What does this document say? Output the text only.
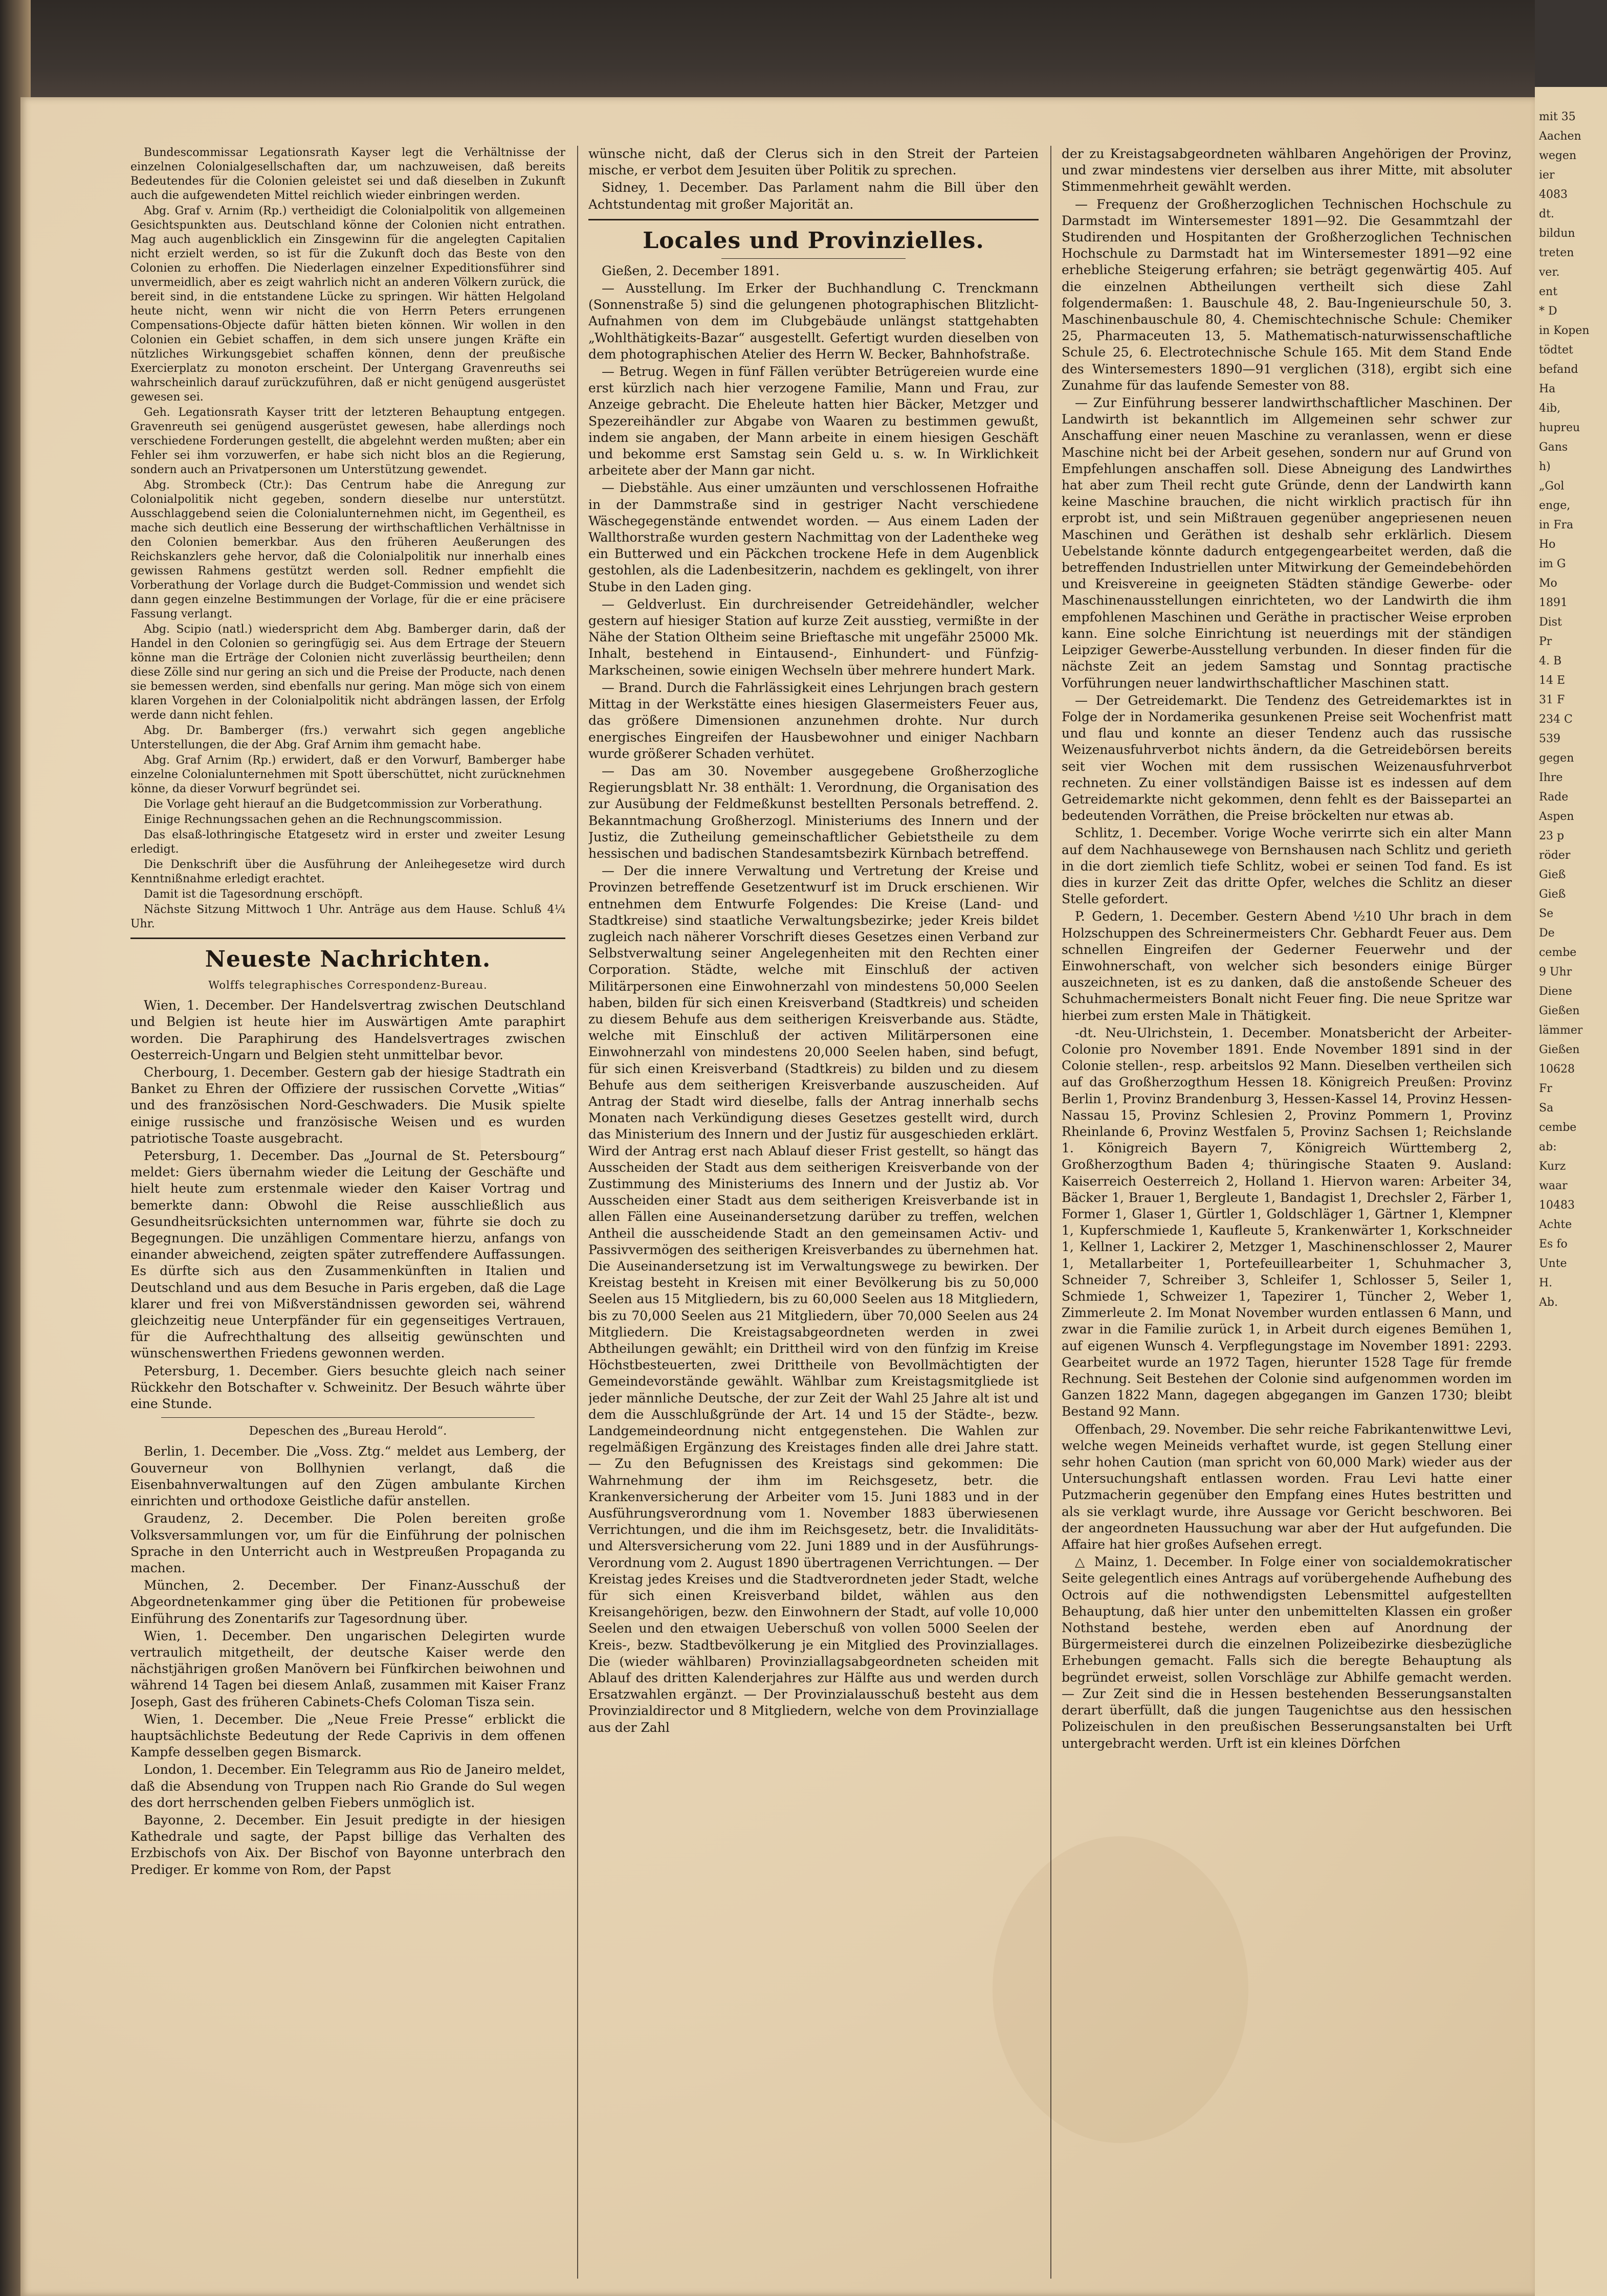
Bundescommissar Legationsrath Kayser legt die Verhältnisse der einzelnen Colonialgesellschaften dar, um nachzuweisen, daß bereits Bedeutendes für die Colonien geleistet sei und daß dieselben in Zukunft auch die aufgewendeten Mittel reichlich wieder einbringen werden.

Abg. Graf v. Arnim (Rp.) vertheidigt die Colonialpolitik von allgemeinen Gesichtspunkten aus. Deutschland könne der Colonien nicht entrathen. Mag auch augenblicklich ein Zinsgewinn für die angelegten Capitalien nicht erzielt werden, so ist für die Zukunft doch das Beste von den Colonien zu erhoffen. Die Niederlagen einzelner Expeditionsführer sind unvermeidlich, aber es zeigt wahrlich nicht an anderen Völkern zurück, die bereit sind, in die entstandene Lücke zu springen. Wir hätten Helgoland heute nicht, wenn wir nicht die von Herrn Peters errungenen Compensations-Objecte dafür hätten bieten können. Wir wollen in den Colonien ein Gebiet schaffen, in dem sich unsere jungen Kräfte ein nützliches Wirkungsgebiet schaffen können, denn der preußische Exercierplatz zu monoton erscheint. Der Untergang Gravenreuths sei wahrscheinlich darauf zurückzuführen, daß er nicht genügend ausgerüstet gewesen sei.

Geh. Legationsrath Kayser tritt der letzteren Behauptung entgegen. Gravenreuth sei genügend ausgerüstet gewesen, habe allerdings noch verschiedene Forderungen gestellt, die abgelehnt werden mußten; aber ein Fehler sei ihm vorzuwerfen, er habe sich nicht blos an die Regierung, sondern auch an Privatpersonen um Unterstützung gewendet.

Abg. Strombeck (Ctr.): Das Centrum habe die Anregung zur Colonialpolitik nicht gegeben, sondern dieselbe nur unterstützt. Ausschlaggebend seien die Colonialunternehmen nicht, im Gegentheil, es mache sich deutlich eine Besserung der wirthschaftlichen Verhältnisse in den Colonien bemerkbar. Aus den früheren Aeußerungen des Reichskanzlers gehe hervor, daß die Colonialpolitik nur innerhalb eines gewissen Rahmens gestützt werden soll. Redner empfiehlt die Vorberathung der Vorlage durch die Budget-Commission und wendet sich dann gegen einzelne Bestimmungen der Vorlage, für die er eine präcisere Fassung verlangt.

Abg. Scipio (natl.) wiederspricht dem Abg. Bamberger darin, daß der Handel in den Colonien so geringfügig sei. Aus dem Ertrage der Steuern könne man die Erträge der Colonien nicht zuverlässig beurtheilen; denn diese Zölle sind nur gering an sich und die Preise der Producte, nach denen sie bemessen werden, sind ebenfalls nur gering. Man möge sich von einem klaren Vorgehen in der Colonialpolitik nicht abdrängen lassen, der Erfolg werde dann nicht fehlen.

Abg. Dr. Bamberger (frs.) verwahrt sich gegen angebliche Unterstellungen, die der Abg. Graf Arnim ihm gemacht habe.

Abg. Graf Arnim (Rp.) erwidert, daß er den Vorwurf, Bamberger habe einzelne Colonialunternehmen mit Spott überschüttet, nicht zurücknehmen könne, da dieser Vorwurf begründet sei.

Die Vorlage geht hierauf an die Budgetcommission zur Vorberathung.

Einige Rechnungssachen gehen an die Rechnungscommission.

Das elsaß-lothringische Etatgesetz wird in erster und zweiter Lesung erledigt.

Die Denkschrift über die Ausführung der Anleihegesetze wird durch Kenntnißnahme erledigt erachtet.

Damit ist die Tagesordnung erschöpft.

Nächste Sitzung Mittwoch 1 Uhr. Anträge aus dem Hause. Schluß 4¼ Uhr.

Neueste Nachrichten.
Wolffs telegraphisches Correspondenz-Bureau.

Wien, 1. December. Der Handelsvertrag zwischen Deutschland und Belgien ist heute hier im Auswärtigen Amte paraphirt worden. Die Paraphirung des Handelsvertrages zwischen Oesterreich-Ungarn und Belgien steht unmittelbar bevor.

Cherbourg, 1. December. Gestern gab der hiesige Stadtrath ein Banket zu Ehren der Offiziere der russischen Corvette „Witias“ und des französischen Nord-Geschwaders. Die Musik spielte einige russische und französische Weisen und es wurden patriotische Toaste ausgebracht.

Petersburg, 1. December. Das „Journal de St. Petersbourg“ meldet: Giers übernahm wieder die Leitung der Geschäfte und hielt heute zum erstenmale wieder den Kaiser Vortrag und bemerkte dann: Obwohl die Reise ausschließlich aus Gesundheitsrücksichten unternommen war, führte sie doch zu Begegnungen. Die unzähligen Commentare hierzu, anfangs von einander abweichend, zeigten später zutreffendere Auffassungen. Es dürfte sich aus den Zusammenkünften in Italien und Deutschland und aus dem Besuche in Paris ergeben, daß die Lage klarer und frei von Mißverständnissen geworden sei, während gleichzeitig neue Unterpfänder für ein gegenseitiges Vertrauen, für die Aufrechthaltung des allseitig gewünschten und wünschenswerthen Friedens gewonnen werden.

Petersburg, 1. December. Giers besuchte gleich nach seiner Rückkehr den Botschafter v. Schweinitz. Der Besuch währte über eine Stunde.

Depeschen des „Bureau Herold“.

Berlin, 1. December. Die „Voss. Ztg.“ meldet aus Lemberg, der Gouverneur von Bollhynien verlangt, daß die Eisenbahnverwaltungen auf den Zügen ambulante Kirchen einrichten und orthodoxe Geistliche dafür anstellen.

Graudenz, 2. December. Die Polen bereiten große Volksversammlungen vor, um für die Einführung der polnischen Sprache in den Unterricht auch in Westpreußen Propaganda zu machen.

München, 2. December. Der Finanz-Ausschuß der Abgeordnetenkammer ging über die Petitionen für probeweise Einführung des Zonentarifs zur Tagesordnung über.

Wien, 1. December. Den ungarischen Delegirten wurde vertraulich mitgetheilt, der deutsche Kaiser werde den nächstjährigen großen Manövern bei Fünfkirchen beiwohnen und während 14 Tagen bei diesem Anlaß, zusammen mit Kaiser Franz Joseph, Gast des früheren Cabinets-Chefs Coloman Tisza sein.

Wien, 1. December. Die „Neue Freie Presse“ erblickt die hauptsächlichste Bedeutung der Rede Caprivis in dem offenen Kampfe desselben gegen Bismarck.

London, 1. December. Ein Telegramm aus Rio de Janeiro meldet, daß die Absendung von Truppen nach Rio Grande do Sul wegen des dort herrschenden gelben Fiebers unmöglich ist.

Bayonne, 2. December. Ein Jesuit predigte in der hiesigen Kathedrale und sagte, der Papst billige das Verhalten des Erzbischofs von Aix. Der Bischof von Bayonne unterbrach den Prediger. Er komme von Rom, der Papst

wünsche nicht, daß der Clerus sich in den Streit der Parteien mische, er verbot dem Jesuiten über Politik zu sprechen.

Sidney, 1. December. Das Parlament nahm die Bill über den Achtstundentag mit großer Majorität an.

Locales und Provinzielles.

Gießen, 2. December 1891.

— Ausstellung. Im Erker der Buchhandlung C. Trenckmann (Sonnenstraße 5) sind die gelungenen photographischen Blitzlicht-Aufnahmen von dem im Clubgebäude unlängst stattgehabten „Wohlthätigkeits-Bazar“ ausgestellt. Gefertigt wurden dieselben von dem photographischen Atelier des Herrn W. Becker, Bahnhofstraße.

— Betrug. Wegen in fünf Fällen verübter Betrügereien wurde eine erst kürzlich nach hier verzogene Familie, Mann und Frau, zur Anzeige gebracht. Die Eheleute hatten hier Bäcker, Metzger und Spezereihändler zur Abgabe von Waaren zu bestimmen gewußt, indem sie angaben, der Mann arbeite in einem hiesigen Geschäft und bekomme erst Samstag sein Geld u. s. w. In Wirklichkeit arbeitete aber der Mann gar nicht.

— Diebstähle. Aus einer umzäunten und verschlossenen Hofraithe in der Dammstraße sind in gestriger Nacht verschiedene Wäschegegenstände entwendet worden. — Aus einem Laden der Wallthorstraße wurden gestern Nachmittag von der Ladentheke weg ein Butterwed und ein Päckchen trockene Hefe in dem Augenblick gestohlen, als die Ladenbesitzerin, nachdem es geklingelt, von ihrer Stube in den Laden ging.

— Geldverlust. Ein durchreisender Getreidehändler, welcher gestern auf hiesiger Station auf kurze Zeit ausstieg, vermißte in der Nähe der Station Oltheim seine Brieftasche mit ungefähr 25000 Mk. Inhalt, bestehend in Eintausend-, Einhundert- und Fünfzig-Markscheinen, sowie einigen Wechseln über mehrere hundert Mark.

— Brand. Durch die Fahrlässigkeit eines Lehrjungen brach gestern Mittag in der Werkstätte eines hiesigen Glasermeisters Feuer aus, das größere Dimensionen anzunehmen drohte. Nur durch energisches Eingreifen der Hausbewohner und einiger Nachbarn wurde größerer Schaden verhütet.

— Das am 30. November ausgegebene Großherzogliche Regierungsblatt Nr. 38 enthält: 1. Verordnung, die Organisation des zur Ausübung der Feldmeßkunst bestellten Personals betreffend. 2. Bekanntmachung Großherzogl. Ministeriums des Innern und der Justiz, die Zutheilung gemeinschaftlicher Gebietstheile zu dem hessischen und badischen Standesamtsbezirk Kürnbach betreffend.

— Der die innere Verwaltung und Vertretung der Kreise und Provinzen betreffende Gesetzentwurf ist im Druck erschienen. Wir entnehmen dem Entwurfe Folgendes: Die Kreise (Land- und Stadtkreise) sind staatliche Verwaltungsbezirke; jeder Kreis bildet zugleich nach näherer Vorschrift dieses Gesetzes einen Verband zur Selbstverwaltung seiner Angelegenheiten mit den Rechten einer Corporation. Städte, welche mit Einschluß der activen Militärpersonen eine Einwohnerzahl von mindestens 50,000 Seelen haben, bilden für sich einen Kreisverband (Stadtkreis) und scheiden zu diesem Behufe aus dem seitherigen Kreisverbande aus. Städte, welche mit Einschluß der activen Militärpersonen eine Einwohnerzahl von mindestens 20,000 Seelen haben, sind befugt, für sich einen Kreisverband (Stadtkreis) zu bilden und zu diesem Behufe aus dem seitherigen Kreisverbande auszuscheiden. Auf Antrag der Stadt wird dieselbe, falls der Antrag innerhalb sechs Monaten nach Verkündigung dieses Gesetzes gestellt wird, durch das Ministerium des Innern und der Justiz für ausgeschieden erklärt. Wird der Antrag erst nach Ablauf dieser Frist gestellt, so hängt das Ausscheiden der Stadt aus dem seitherigen Kreisverbande von der Zustimmung des Ministeriums des Innern und der Justiz ab. Vor Ausscheiden einer Stadt aus dem seitherigen Kreisverbande ist in allen Fällen eine Auseinandersetzung darüber zu treffen, welchen Antheil die ausscheidende Stadt an den gemeinsamen Activ- und Passivvermögen des seitherigen Kreisverbandes zu übernehmen hat. Die Auseinandersetzung ist im Verwaltungswege zu bewirken. Der Kreistag besteht in Kreisen mit einer Bevölkerung bis zu 50,000 Seelen aus 15 Mitgliedern, bis zu 60,000 Seelen aus 18 Mitgliedern, bis zu 70,000 Seelen aus 21 Mitgliedern, über 70,000 Seelen aus 24 Mitgliedern. Die Kreistagsabgeordneten werden in zwei Abtheilungen gewählt; ein Drittheil wird von den fünfzig im Kreise Höchstbesteuerten, zwei Drittheile von Bevollmächtigten der Gemeindevorstände gewählt. Wählbar zum Kreistagsmitgliede ist jeder männliche Deutsche, der zur Zeit der Wahl 25 Jahre alt ist und dem die Ausschlußgründe der Art. 14 und 15 der Städte-, bezw. Landgemeindeordnung nicht entgegenstehen. Die Wahlen zur regelmäßigen Ergänzung des Kreistages finden alle drei Jahre statt. — Zu den Befugnissen des Kreistags sind gekommen: Die Wahrnehmung der ihm im Reichsgesetz, betr. die Krankenversicherung der Arbeiter vom 15. Juni 1883 und in der Ausführungsverordnung vom 1. November 1883 überwiesenen Verrichtungen, und die ihm im Reichsgesetz, betr. die Invaliditäts- und Altersversicherung vom 22. Juni 1889 und in der Ausführungs-Verordnung vom 2. August 1890 übertragenen Verrichtungen. — Der Kreistag jedes Kreises und die Stadtverordneten jeder Stadt, welche für sich einen Kreisverband bildet, wählen aus den Kreisangehörigen, bezw. den Einwohnern der Stadt, auf volle 10,000 Seelen und den etwaigen Ueberschuß von vollen 5000 Seelen der Kreis-, bezw. Stadtbevölkerung je ein Mitglied des Provinziallages. Die (wieder wählbaren) Provinziallagsabgeordneten scheiden mit Ablauf des dritten Kalenderjahres zur Hälfte aus und werden durch Ersatzwahlen ergänzt. — Der Provinzialausschuß besteht aus dem Provinzialdirector und 8 Mitgliedern, welche von dem Provinziallage aus der Zahl

der zu Kreistagsabgeordneten wählbaren Angehörigen der Provinz, und zwar mindestens vier derselben aus ihrer Mitte, mit absoluter Stimmenmehrheit gewählt werden.

— Frequenz der Großherzoglichen Technischen Hochschule zu Darmstadt im Wintersemester 1891—92. Die Gesammtzahl der Studirenden und Hospitanten der Großherzoglichen Technischen Hochschule zu Darmstadt hat im Wintersemester 1891—92 eine erhebliche Steigerung erfahren; sie beträgt gegenwärtig 405. Auf die einzelnen Abtheilungen vertheilt sich diese Zahl folgendermaßen: 1. Bauschule 48, 2. Bau-Ingenieurschule 50, 3. Maschinenbauschule 80, 4. Chemischtechnische Schule: Chemiker 25, Pharmaceuten 13, 5. Mathematisch-naturwissenschaftliche Schule 25, 6. Electrotechnische Schule 165. Mit dem Stand Ende des Wintersemesters 1890—91 verglichen (318), ergibt sich eine Zunahme für das laufende Semester von 88.

— Zur Einführung besserer landwirthschaftlicher Maschinen. Der Landwirth ist bekanntlich im Allgemeinen sehr schwer zur Anschaffung einer neuen Maschine zu veranlassen, wenn er diese Maschine nicht bei der Arbeit gesehen, sondern nur auf Grund von Empfehlungen anschaffen soll. Diese Abneigung des Landwirthes hat aber zum Theil recht gute Gründe, denn der Landwirth kann keine Maschine brauchen, die nicht wirklich practisch für ihn erprobt ist, und sein Mißtrauen gegenüber angepriesenen neuen Maschinen und Geräthen ist deshalb sehr erklärlich. Diesem Uebelstande könnte dadurch entgegengearbeitet werden, daß die betreffenden Industriellen unter Mitwirkung der Gemeindebehörden und Kreisvereine in geeigneten Städten ständige Gewerbe- oder Maschinenausstellungen einrichteten, wo der Landwirth die ihm empfohlenen Maschinen und Geräthe in practischer Weise erproben kann. Eine solche Einrichtung ist neuerdings mit der ständigen Leipziger Gewerbe-Ausstellung verbunden. In dieser finden für die nächste Zeit an jedem Samstag und Sonntag practische Vorführungen neuer landwirthschaftlicher Maschinen statt.

— Der Getreidemarkt. Die Tendenz des Getreidemarktes ist in Folge der in Nordamerika gesunkenen Preise seit Wochenfrist matt und flau und konnte an dieser Tendenz auch das russische Weizenausfuhrverbot nichts ändern, da die Getreidebörsen bereits seit vier Wochen mit dem russischen Weizenausfuhrverbot rechneten. Zu einer vollständigen Baisse ist es indessen auf dem Getreidemarkte nicht gekommen, denn fehlt es der Baissepartei an bedeutenden Vorräthen, die Preise bröckelten nur etwas ab.

Schlitz, 1. December. Vorige Woche verirrte sich ein alter Mann auf dem Nachhausewege von Bernshausen nach Schlitz und gerieth in die dort ziemlich tiefe Schlitz, wobei er seinen Tod fand. Es ist dies in kurzer Zeit das dritte Opfer, welches die Schlitz an dieser Stelle gefordert.

P. Gedern, 1. December. Gestern Abend ½10 Uhr brach in dem Holzschuppen des Schreinermeisters Chr. Gebhardt Feuer aus. Dem schnellen Eingreifen der Gederner Feuerwehr und der Einwohnerschaft, von welcher sich besonders einige Bürger auszeichneten, ist es zu danken, daß die anstoßende Scheuer des Schuhmachermeisters Bonalt nicht Feuer fing. Die neue Spritze war hierbei zum ersten Male in Thätigkeit.

-dt. Neu-Ulrichstein, 1. December. Monatsbericht der Arbeiter-Colonie pro November 1891. Ende November 1891 sind in der Colonie stellen-, resp. arbeitslos 92 Mann. Dieselben vertheilen sich auf das Großherzogthum Hessen 18. Königreich Preußen: Provinz Berlin 1, Provinz Brandenburg 3, Hessen-Kassel 14, Provinz Hessen-Nassau 15, Provinz Schlesien 2, Provinz Pommern 1, Provinz Rheinlande 6, Provinz Westfalen 5, Provinz Sachsen 1; Reichslande 1. Königreich Bayern 7, Königreich Württemberg 2, Großherzogthum Baden 4; thüringische Staaten 9. Ausland: Kaiserreich Oesterreich 2, Holland 1. Hiervon waren: Arbeiter 34, Bäcker 1, Brauer 1, Bergleute 1, Bandagist 1, Drechsler 2, Färber 1, Former 1, Glaser 1, Gürtler 1, Goldschläger 1, Gärtner 1, Klempner 1, Kupferschmiede 1, Kaufleute 5, Krankenwärter 1, Korkschneider 1, Kellner 1, Lackirer 2, Metzger 1, Maschinenschlosser 2, Maurer 1, Metallarbeiter 1, Portefeuillearbeiter 1, Schuhmacher 3, Schneider 7, Schreiber 3, Schleifer 1, Schlosser 5, Seiler 1, Schmiede 1, Schweizer 1, Tapezirer 1, Tüncher 2, Weber 1, Zimmerleute 2. Im Monat November wurden entlassen 6 Mann, und zwar in die Familie zurück 1, in Arbeit durch eigenes Bemühen 1, auf eigenen Wunsch 4. Verpflegungstage im November 1891: 2293. Gearbeitet wurde an 1972 Tagen, hierunter 1528 Tage für fremde Rechnung. Seit Bestehen der Colonie sind aufgenommen worden im Ganzen 1822 Mann, dagegen abgegangen im Ganzen 1730; bleibt Bestand 92 Mann.

Offenbach, 29. November. Die sehr reiche Fabrikantenwittwe Levi, welche wegen Meineids verhaftet wurde, ist gegen Stellung einer sehr hohen Caution (man spricht von 60,000 Mark) wieder aus der Untersuchungshaft entlassen worden. Frau Levi hatte einer Putzmacherin gegenüber den Empfang eines Hutes bestritten und als sie verklagt wurde, ihre Aussage vor Gericht beschworen. Bei der angeordneten Haussuchung war aber der Hut aufgefunden. Die Affaire hat hier großes Aufsehen erregt.

△ Mainz, 1. December. In Folge einer von socialdemokratischer Seite gelegentlich eines Antrags auf vorübergehende Aufhebung des Octrois auf die nothwendigsten Lebensmittel aufgestellten Behauptung, daß hier unter den unbemittelten Klassen ein großer Nothstand bestehe, werden eben auf Anordnung der Bürgermeisterei durch die einzelnen Polizeibezirke diesbezügliche Erhebungen gemacht. Falls sich die beregte Behauptung als begründet erweist, sollen Vorschläge zur Abhilfe gemacht werden. — Zur Zeit sind die in Hessen bestehenden Besserungsanstalten derart überfüllt, daß die jungen Taugenichtse aus den hessischen Polizeischulen in den preußischen Besserungsanstalten bei Urft untergebracht werden. Urft ist ein kleines Dörfchen

mit 35
Aachen
wegen
ier
4083
dt.
bildun
treten
ver.
ent
* D
in Kopen
tödtet
befand
Ha
4ib,
hupreu
Gans
h)
„Gol
enge,
in Fra
Ho
im G
Mo
1891
Dist
Pr
4. B
14 E
31 F
234 C
539
gegen
Ihre
Rade
Aspen
23 p
röder
Gieß
Gieß
Se
De
cembe
9 Uhr
Diene
Gießen
lämmer
Gießen
10628
Fr
Sa
cembe
ab:
Kurz
waar
10483
Achte
Es fo
Unte
H.
Ab.
